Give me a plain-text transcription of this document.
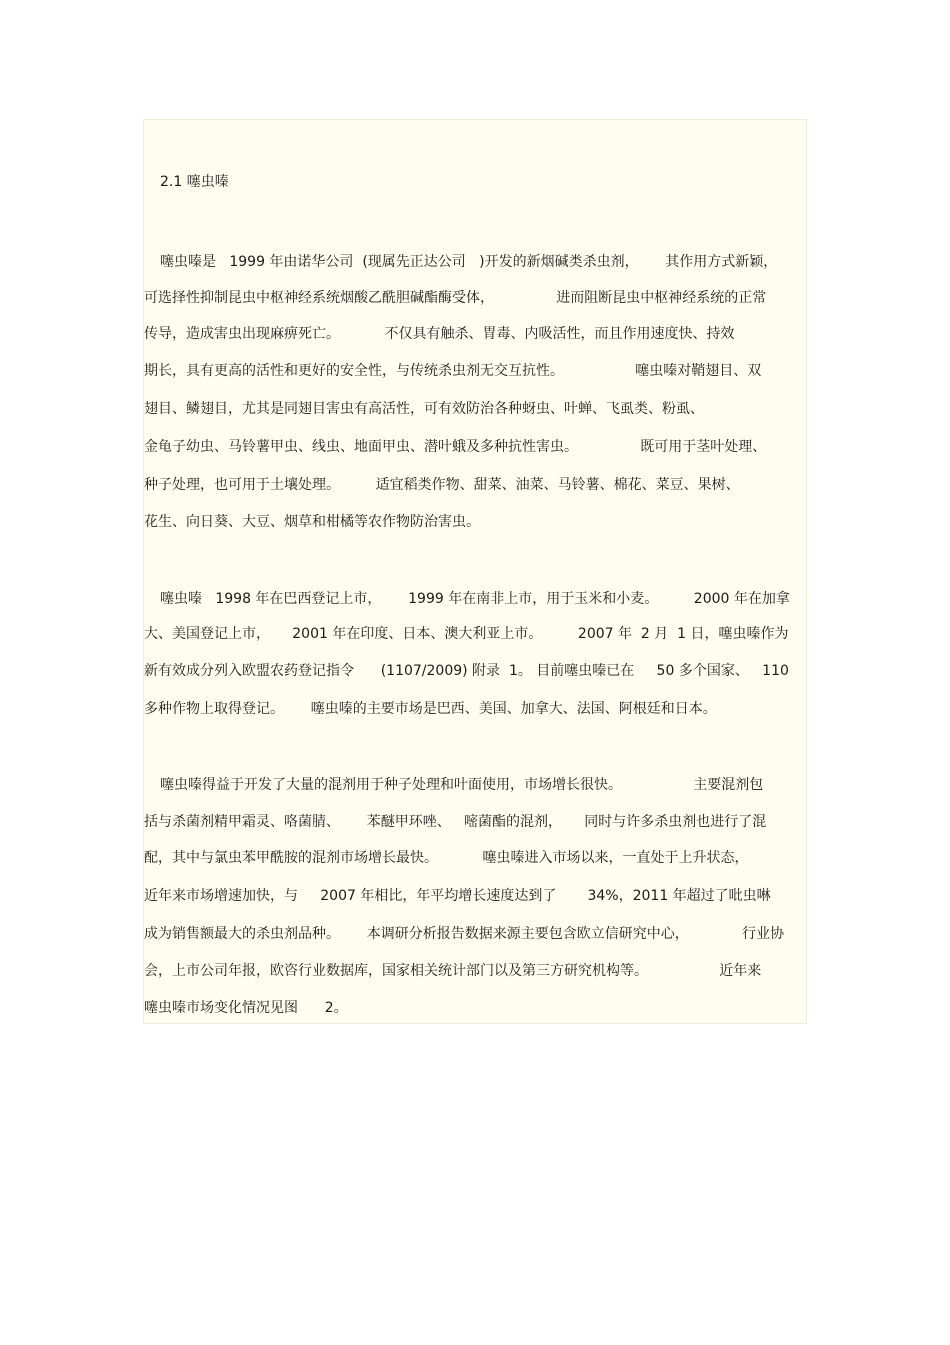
2.1 噻虫嗪
噻虫嗪是   1999 年由诺华公司  (现属先正达公司   )开发的新烟碱类杀虫剂，      其作用方式新颖，
可选择性抑制昆虫中枢神经系统烟酸乙酰胆碱酯酶受体，              进而阻断昆虫中枢神经系统的正常
传导，造成害虫出现麻痹死亡。          不仅具有触杀、胃毒、内吸活性，而且作用速度快、持效
期长，具有更高的活性和更好的安全性，与传统杀虫剂无交互抗性。                噻虫嗪对鞘翅目、双
翅目、鳞翅目，尤其是同翅目害虫有高活性，可有效防治各种蚜虫、叶蝉、飞虱类、粉虱、
金龟子幼虫、马铃薯甲虫、线虫、地面甲虫、潜叶蛾及多种抗性害虫。              既可用于茎叶处理、
种子处理，也可用于土壤处理。        适宜稻类作物、甜菜、油菜、马铃薯、棉花、菜豆、果树、
花生、向日葵、大豆、烟草和柑橘等农作物防治害虫。
噻虫嗪   1998 年在巴西登记上市，      1999 年在南非上市，用于玉米和小麦。        2000 年在加拿
大、美国登记上市，     2001 年在印度、日本、澳大利亚上市。        2007 年  2 月  1 日，噻虫嗪作为
新有效成分列入欧盟农药登记指令      (1107/2009) 附录  1。 目前噻虫嗪已在     50 多个国家、   110
多种作物上取得登记。      噻虫嗪的主要市场是巴西、美国、加拿大、法国、阿根廷和日本。
噻虫嗪得益于开发了大量的混剂用于种子处理和叶面使用，市场增长很快。                主要混剂包
括与杀菌剂精甲霜灵、咯菌腈、      苯醚甲环唑、   嘧菌酯的混剂，     同时与许多杀虫剂也进行了混
配，其中与氯虫苯甲酰胺的混剂市场增长最快。          噻虫嗪进入市场以来，一直处于上升状态，
近年来市场增速加快，与     2007 年相比，年平均增长速度达到了       34%，2011 年超过了吡虫啉
成为销售额最大的杀虫剂品种。      本调研分析报告数据来源主要包含欧立信研究中心，            行业协
会，上市公司年报，欧咨行业数据库，国家相关统计部门以及第三方研究机构等。                近年来
噻虫嗪市场变化情况见图      2。
